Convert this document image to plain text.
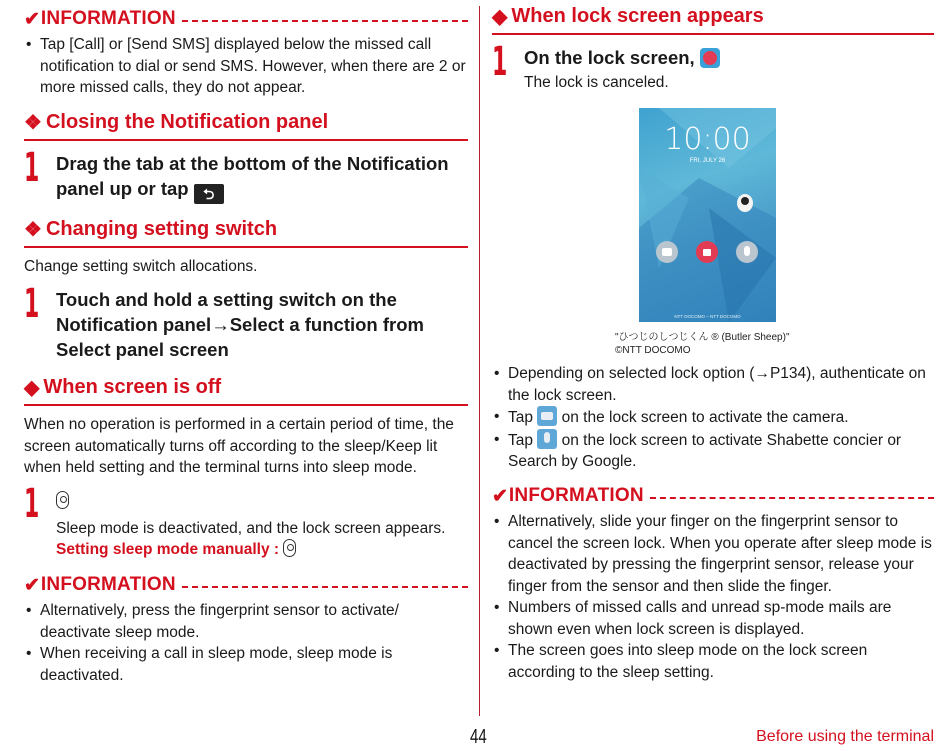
✔ INFORMATION
• Tap [Call] or [Send SMS] displayed below the missed call notification to dial or send SMS. However, when there are 2 or more missed calls, they do not appear.
❖ Closing the Notification panel
1 Drag the tab at the bottom of the Notification panel up or tap ⮌
❖ Changing setting switch
Change setting switch allocations.
1 Touch and hold a setting switch on the Notification panel→Select a function from Select panel screen
◆ When screen is off
When no operation is performed in a certain period of time, the screen automatically turns off according to the sleep/Keep lit when held setting and the terminal turns into sleep mode.
1
Sleep mode is deactivated, and the lock screen appears.
Setting sleep mode manually :
✔ INFORMATION
• Alternatively, press the fingerprint sensor to activate/ deactivate sleep mode.
• When receiving a call in sleep mode, sleep mode is deactivated.
◆ When lock screen appears
1 On the lock screen,
The lock is canceled.
10:00
FRI, JULY 26
NTT DOCOMO – NTT DOCOMO
"ひつじのしつじくん ® (Butler Sheep)"
©NTT DOCOMO
• Depending on selected lock option (→P134), authenticate on the lock screen.
• Tap on the lock screen to activate the camera.
• Tap on the lock screen to activate Shabette concier or Search by Google.
✔ INFORMATION
• Alternatively, slide your finger on the fingerprint sensor to cancel the screen lock. When you operate after sleep mode is deactivated by pressing the fingerprint sensor, release your finger from the sensor and then slide the finger.
• Numbers of missed calls and unread sp-mode mails are shown even when lock screen is displayed.
• The screen goes into sleep mode on the lock screen according to the sleep setting.
44	Before using the terminal
